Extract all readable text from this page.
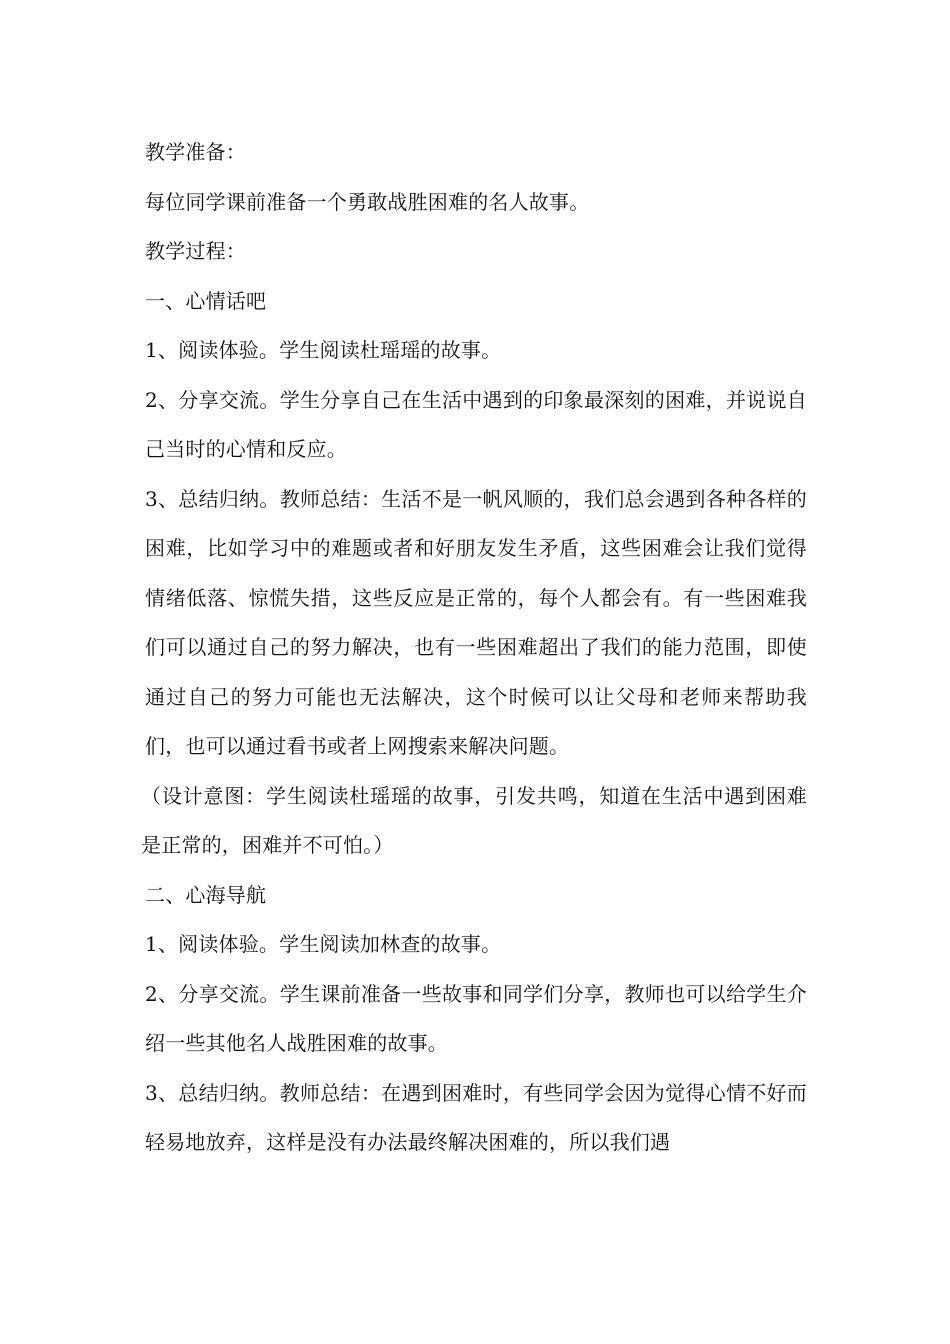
教学准备：

每位同学课前准备一个勇敢战胜困难的名人故事。

教学过程：

一、心情话吧

1、阅读体验。学生阅读杜瑶瑶的故事。

2、分享交流。学生分享自己在生活中遇到的印象最深刻的困难，并说说自己当时的心情和反应。

3、总结归纳。教师总结：生活不是一帆风顺的，我们总会遇到各种各样的困难，比如学习中的难题或者和好朋友发生矛盾，这些困难会让我们觉得情绪低落、惊慌失措，这些反应是正常的，每个人都会有。有一些困难我们可以通过自己的努力解决，也有一些困难超出了我们的能力范围，即使通过自己的努力可能也无法解决，这个时候可以让父母和老师来帮助我们，也可以通过看书或者上网搜索来解决问题。

（设计意图：学生阅读杜瑶瑶的故事，引发共鸣，知道在生活中遇到困难是正常的，困难并不可怕。）

二、心海导航

1、阅读体验。学生阅读加林查的故事。

2、分享交流。学生课前准备一些故事和同学们分享，教师也可以给学生介绍一些其他名人战胜困难的故事。

3、总结归纳。教师总结：在遇到困难时，有些同学会因为觉得心情不好而轻易地放弃，这样是没有办法最终解决困难的，所以我们遇
